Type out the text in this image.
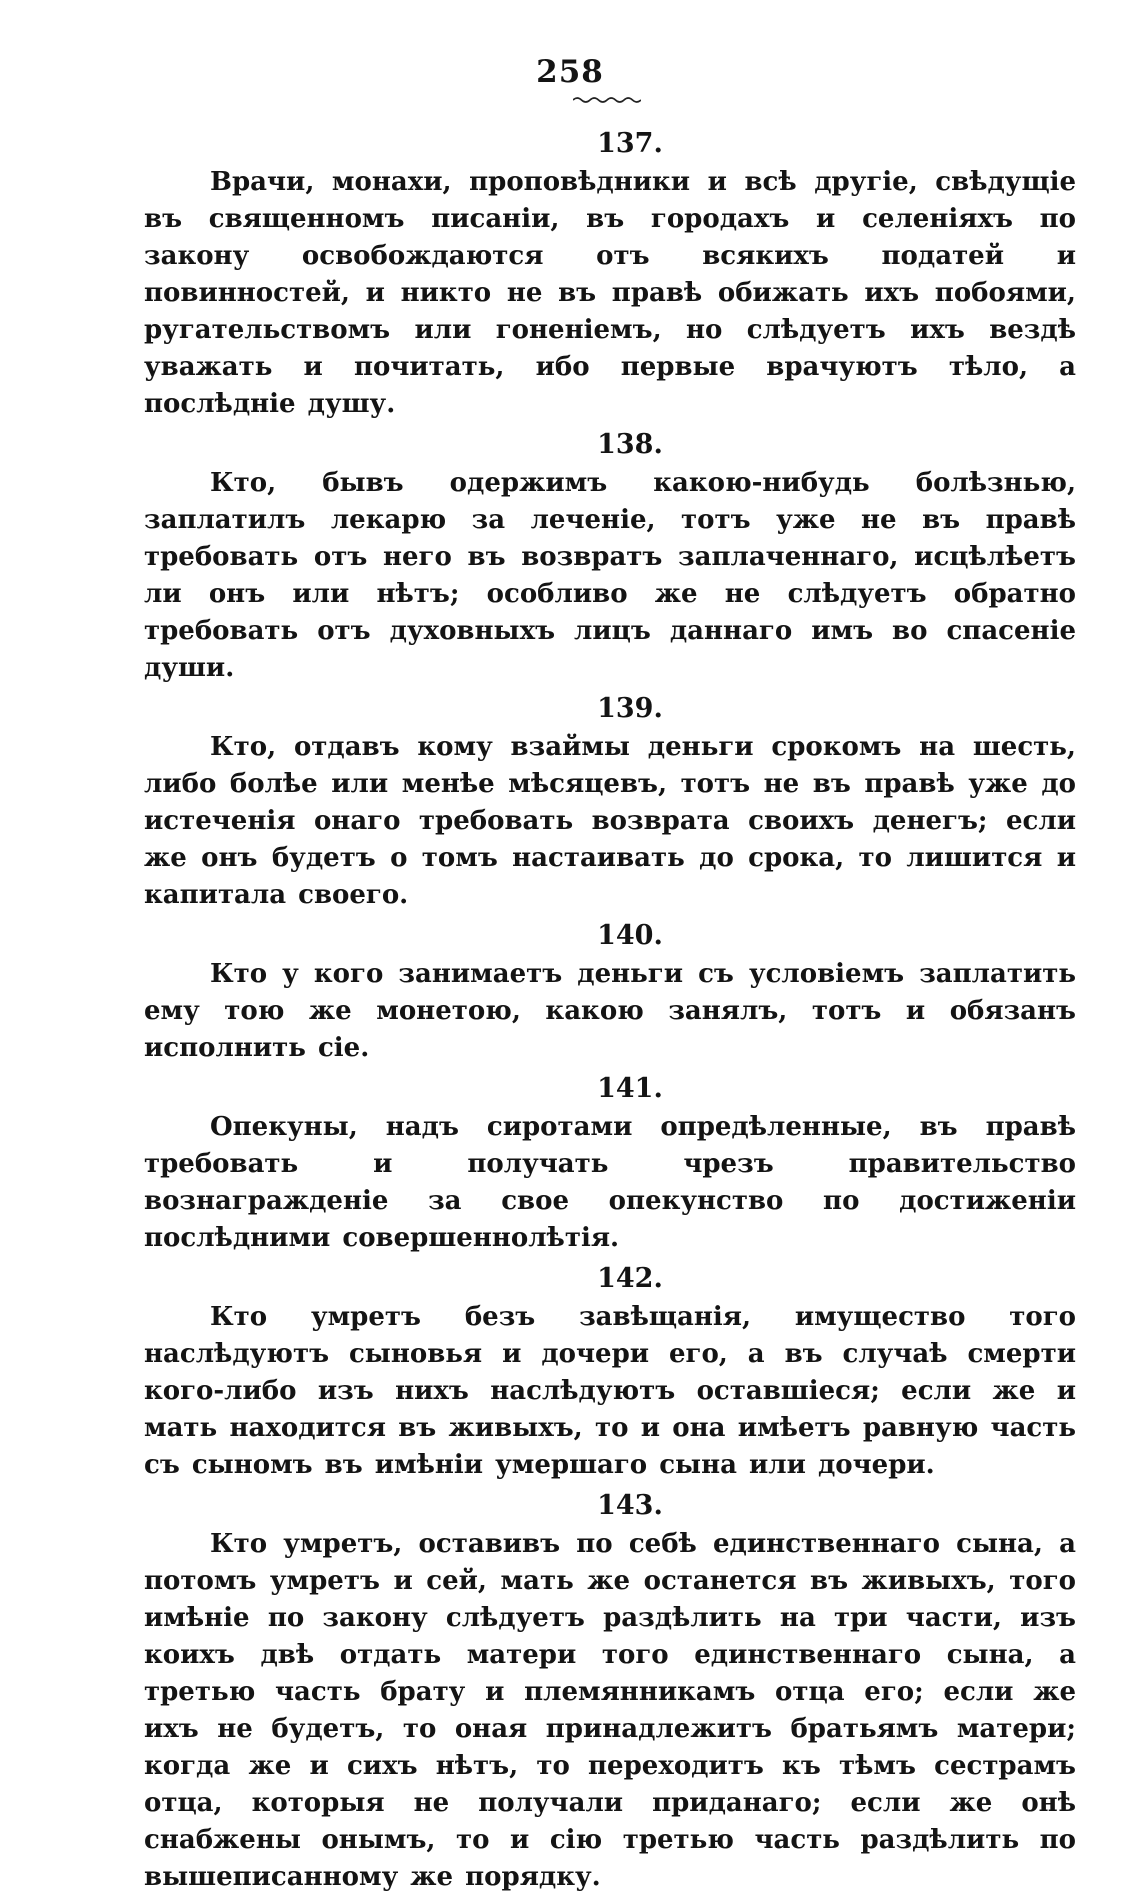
258

137.

Врачи, монахи, проповѣдники и всѣ другіе, свѣдущіе въ священномъ писаніи, въ городахъ и селеніяхъ по закону освобождаются отъ всякихъ податей и повинностей, и никто не въ правѣ обижать ихъ побоями, ругательствомъ или гоненіемъ, но слѣдуетъ ихъ вездѣ уважать и почитать, ибо первые врачуютъ тѣло, а послѣдніе душу.

138.

Кто, бывъ одержимъ какою-нибудь болѣзнью, заплатилъ лекарю за леченіе, тотъ уже не въ правѣ требовать отъ него въ возвратъ заплаченнаго, исцѣлѣетъ ли онъ или нѣтъ; особливо же не слѣдуетъ обратно требовать отъ духовныхъ лицъ даннаго имъ во спасеніе души.

139.

Кто, отдавъ кому взаймы деньги срокомъ на шесть, либо болѣе или менѣе мѣсяцевъ, тотъ не въ правѣ уже до истеченія онаго требовать возврата своихъ денегъ; если же онъ будетъ о томъ настаивать до срока, то лишится и капитала своего.

140.

Кто у кого занимаетъ деньги съ условіемъ заплатить ему тою же монетою, какою занялъ, тотъ и обязанъ исполнить сіе.

141.

Опекуны, надъ сиротами опредѣленные, въ правѣ требовать и получать чрезъ правительство вознагражденіе за свое опекунство по достиженіи послѣдними совершеннолѣтія.

142.

Кто умретъ безъ завѣщанія, имущество того наслѣдуютъ сыновья и дочери его, а въ случаѣ смерти кого-либо изъ нихъ наслѣдуютъ оставшіеся; если же и мать находится въ живыхъ, то и она имѣетъ равную часть съ сыномъ въ имѣніи умершаго сына или дочери.

143.

Кто умретъ, оставивъ по себѣ единственнаго сына, а потомъ умретъ и сей, мать же останется въ живыхъ, того имѣніе по закону слѣдуетъ раздѣлить на три части, изъ коихъ двѣ отдать матери того единственнаго сына, а третью часть брату и племянникамъ отца его; если же ихъ не будетъ, то оная принадлежитъ братьямъ матери; когда же и сихъ нѣтъ, то переходитъ къ тѣмъ сестрамъ отца, которыя не получали приданаго; если же онѣ снабжены онымъ, то и сію третью часть раздѣлить по вышеписанному же порядку.
